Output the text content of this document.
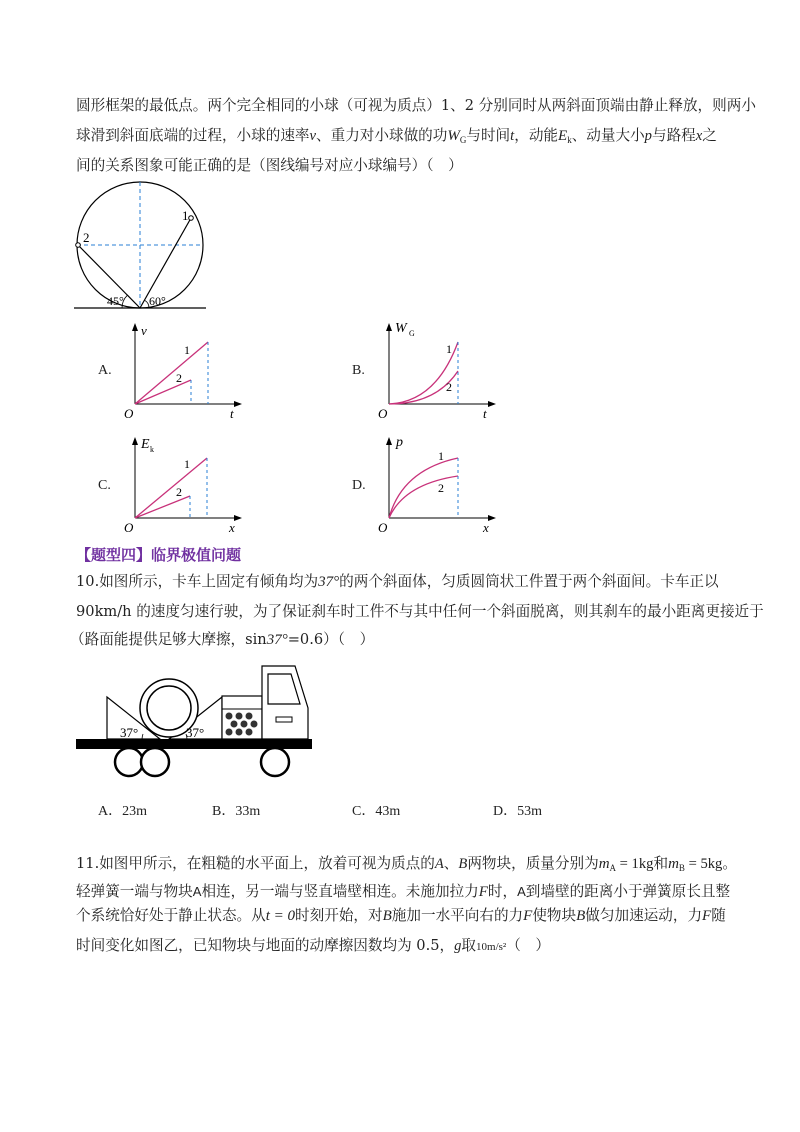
圆形框架的最低点。两个完全相同的小球（可视为质点）1、2 分别同时从两斜面顶端由静止释放，则两小
球滑到斜面底端的过程，小球的速率v、重力对小球做的功$W_G$与时间t，动能$E_k$、动量大小p与路程x之
间的关系图象可能正确的是（图线编号对应小球编号）（　）
1
2
45° 60°
A.
v
t
O
1
2	B.
W G
t
O
1
2
C.
E k
x
O
1
2	D.
p
x
O
1
2
【题型四】临界极值问题
10.如图所示，卡车上固定有倾角均为37°的两个斜面体，匀质圆筒状工件置于两个斜面间。卡车正以
90km/h 的速度匀速行驶，为了保证刹车时工件不与其中任何一个斜面脱离，则其刹车的最小距离更接近于
（路面能提供足够大摩擦，sin37°=0.6）（　）
37°	37°
A．23m	B．33m	C．43m	D．53m
11.如图甲所示，在粗糙的水平面上，放着可视为质点的A、B两物块，质量分别为$m_A = 1kg$和$m_B = 5kg$。
轻弹簧一端与物块A相连，另一端与竖直墙壁相连。未施加拉力F时，A到墙壁的距离小于弹簧原长且整
个系统恰好处于静止状态。从t = 0时刻开始，对B施加一水平向右的力F使物块B做匀加速运动，力F随
时间变化如图乙，已知物块与地面的动摩擦因数均为 0.5，g取10m/s²（　）
